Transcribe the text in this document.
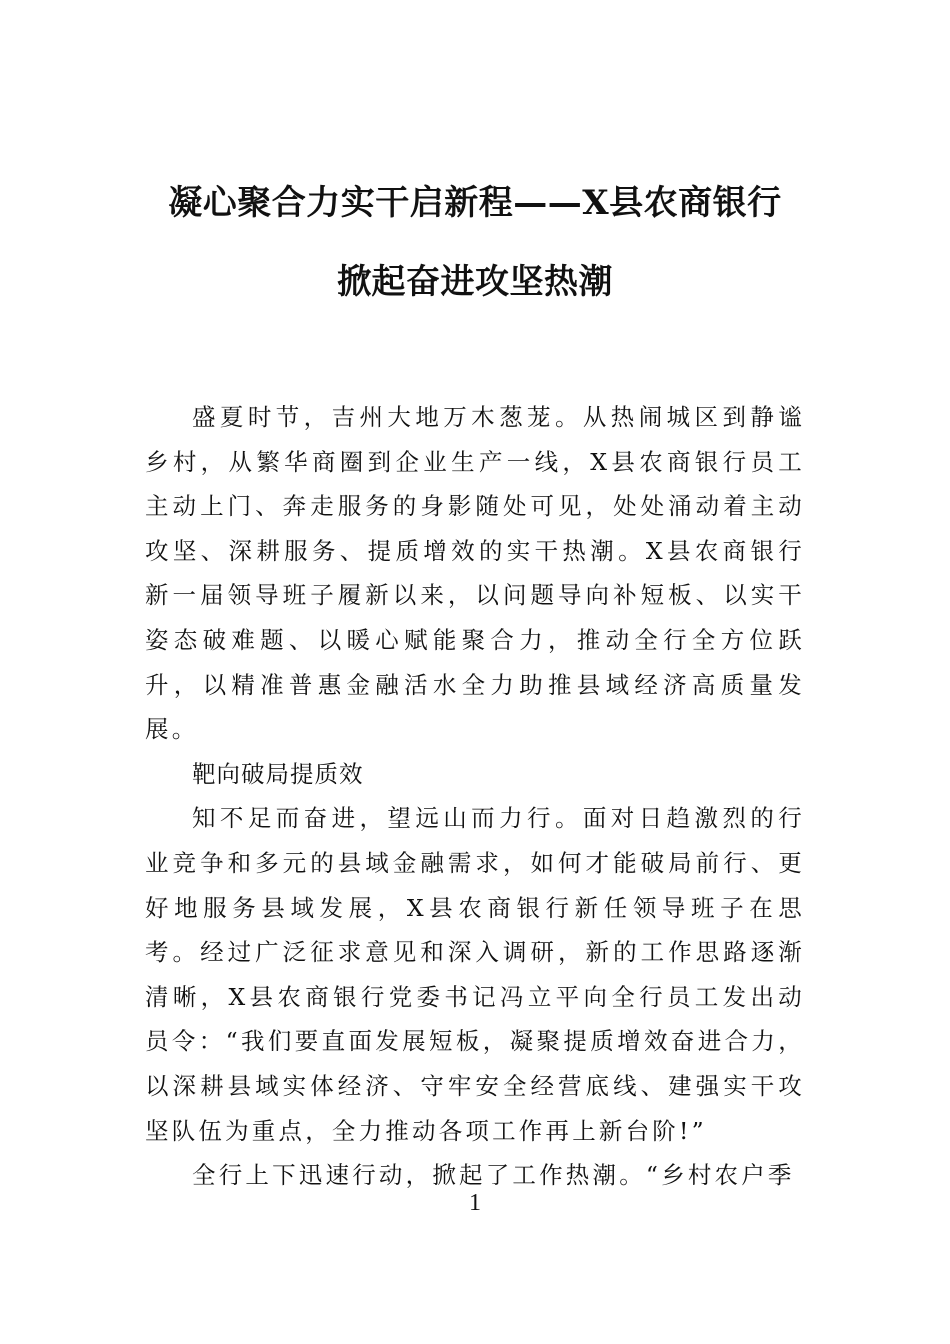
凝心聚合力实干启新程——X县农商银行
掀起奋进攻坚热潮

盛夏时节，吉州大地万木葱茏。从热闹城区到静谧乡村，从繁华商圈到企业生产一线，X县农商银行员工主动上门、奔走服务的身影随处可见，处处涌动着主动攻坚、深耕服务、提质增效的实干热潮。X县农商银行新一届领导班子履新以来，以问题导向补短板、以实干姿态破难题、以暖心赋能聚合力，推动全行全方位跃升，以精准普惠金融活水全力助推县域经济高质量发展。

靶向破局提质效

知不足而奋进，望远山而力行。面对日趋激烈的行业竞争和多元的县域金融需求，如何才能破局前行、更好地服务县域发展，X县农商银行新任领导班子在思考。经过广泛征求意见和深入调研，新的工作思路逐渐清晰，X县农商银行党委书记冯立平向全行员工发出动员令：“我们要直面发展短板，凝聚提质增效奋进合力，以深耕县域实体经济、守牢安全经营底线、建强实干攻坚队伍为重点，全力推动各项工作再上新台阶!”

全行上下迅速行动，掀起了工作热潮。“乡村农户季

1
